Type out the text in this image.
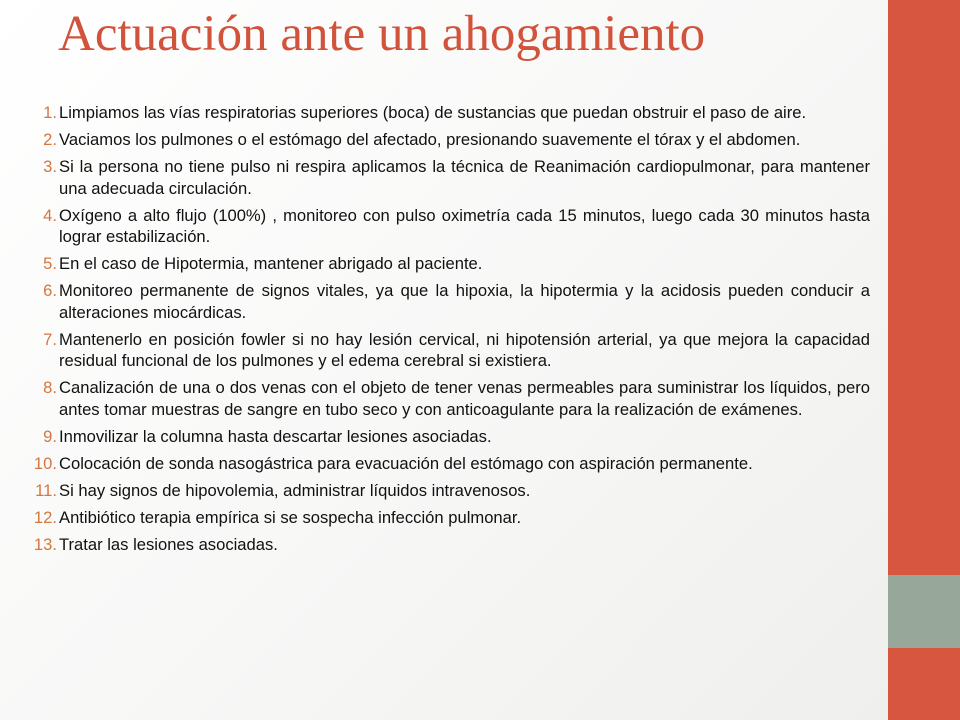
Actuación ante un ahogamiento
1. Limpiamos las vías respiratorias superiores (boca) de sustancias que puedan obstruir el paso de aire.
2. Vaciamos los pulmones o el estómago del afectado, presionando suavemente el tórax y el abdomen.
3. Si la persona no tiene pulso ni respira aplicamos la técnica de Reanimación cardiopulmonar, para mantener una adecuada circulación.
4. Oxígeno a alto flujo (100%) , monitoreo con pulso oximetría cada 15 minutos, luego cada 30 minutos hasta lograr estabilización.
5. En el caso de Hipotermia, mantener abrigado al paciente.
6. Monitoreo permanente de signos vitales, ya que la hipoxia, la hipotermia y la acidosis pueden conducir a alteraciones miocárdicas.
7. Mantenerlo en posición fowler si no hay lesión cervical, ni hipotensión arterial, ya que mejora la capacidad residual funcional de los pulmones y el edema cerebral si existiera.
8. Canalización de una o dos venas con el objeto de tener venas permeables para suministrar los líquidos, pero antes tomar muestras de sangre en tubo seco y con anticoagulante para la realización de exámenes.
9. Inmovilizar la columna hasta descartar lesiones asociadas.
10. Colocación de sonda nasogástrica para evacuación del estómago con aspiración permanente.
11. Si hay signos de hipovolemia, administrar líquidos intravenosos.
12. Antibiótico terapia empírica si se sospecha infección pulmonar.
13. Tratar las lesiones asociadas.
